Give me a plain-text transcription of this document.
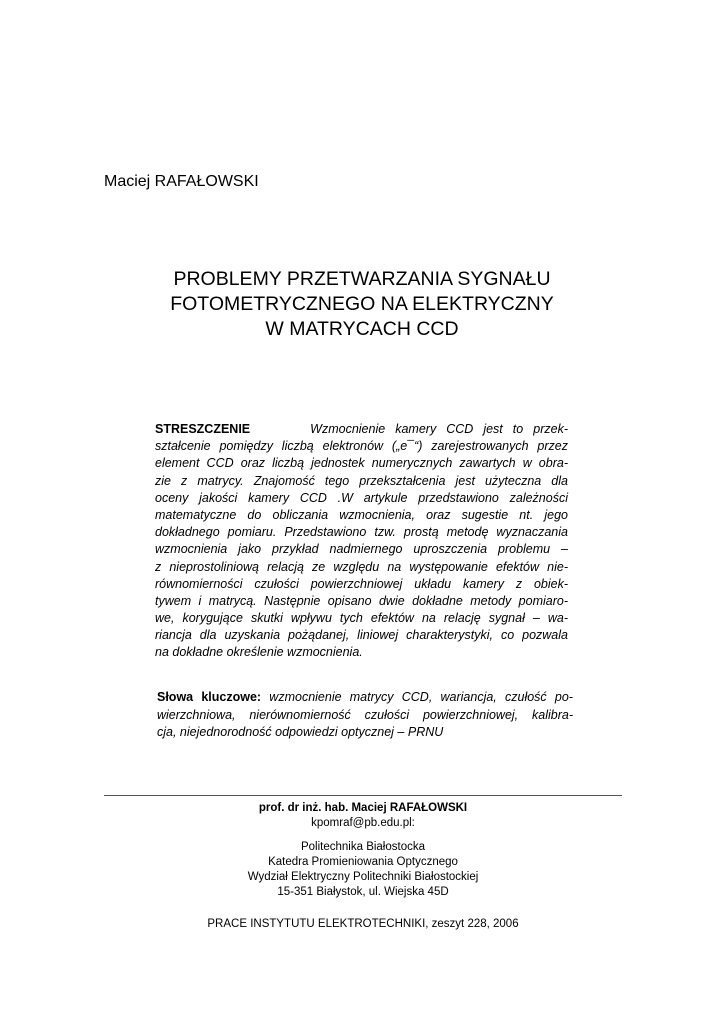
Maciej RAFAŁOWSKI
PROBLEMY PRZETWARZANIA SYGNAŁU
FOTOMETRYCZNEGO NA ELEKTRYCZNY
W MATRYCACH CCD
STRESZCZENIE	Wzmocnienie kamery CCD jest to przek-
ształcenie pomiędzy liczbą elektronów („e¯“) zarejestrowanych przez
element CCD oraz liczbą jednostek numerycznych zawartych w obra-
zie z matrycy. Znajomość tego przekształcenia jest użyteczna dla
oceny jakości kamery CCD .W artykule przedstawiono zależności
matematyczne do obliczania wzmocnienia, oraz sugestie nt. jego
dokładnego pomiaru. Przedstawiono tzw. prostą metodę wyznaczania
wzmocnienia jako przykład nadmiernego uproszczenia problemu –
z nieprostoliniową relacją ze względu na występowanie efektów nie-
równomierności czułości powierzchniowej układu kamery z obiek-
tywem i matrycą. Następnie opisano dwie dokładne metody pomiaro-
we, korygujące skutki wpływu tych efektów na relację sygnał – wa-
riancja dla uzyskania pożądanej, liniowej charakterystyki, co pozwala
na dokładne określenie wzmocnienia.
Słowa kluczowe: wzmocnienie matrycy CCD, wariancja, czułość po-
wierzchniowa, nierównomierność czułości powierzchniowej, kalibra-
cja, niejednorodność odpowiedzi optycznej – PRNU
prof. dr inż. hab. Maciej RAFAŁOWSKI
kpomraf@pb.edu.pl:
Politechnika Białostocka
Katedra Promieniowania Optycznego
Wydział Elektryczny Politechniki Białostockiej
15-351 Białystok, ul. Wiejska 45D
PRACE INSTYTUTU ELEKTROTECHNIKI, zeszyt 228, 2006
